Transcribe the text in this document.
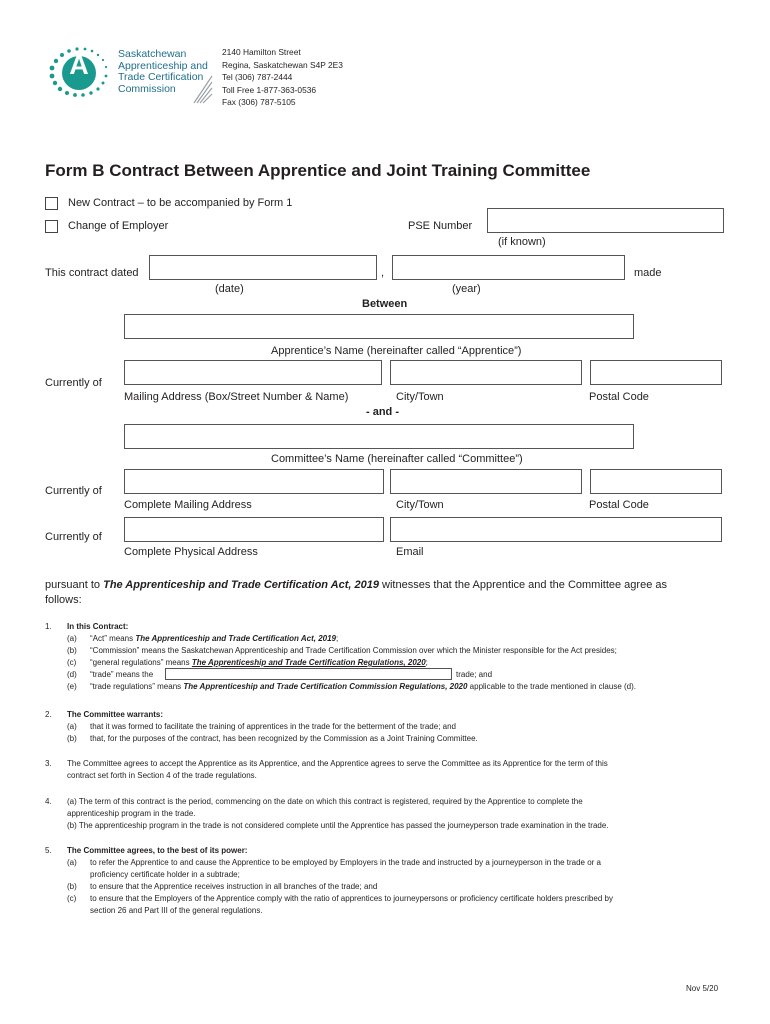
A	Saskatchewan
Apprenticeship and
Trade Certification
Commission
2140 Hamilton Street
Regina, Saskatchewan S4P 2E3
Tel (306) 787-2444
Toll Free 1-877-363-0536
Fax (306) 787-5105
Form B Contract Between Apprentice and Joint Training Committee
New Contract – to be accompanied by Form 1
Change of Employer	PSE Number
(if known)
This contract dated	,	made
(date)	(year)
Between
Apprentice’s Name (hereinafter called “Apprentice”)
Currently of
Mailing Address (Box/Street Number & Name)	City/Town	Postal Code
- and -
Committee’s Name (hereinafter called “Committee”)
Currently of
Complete Mailing Address	City/Town	Postal Code
Currently of
Complete Physical Address	Email
pursuant to The Apprenticeship and Trade Certification Act, 2019 witnesses that the Apprentice and the Committee agree as
follows:
1. In this Contract:
(a) “Act” means The Apprenticeship and Trade Certification Act, 2019;
(b) “Commission” means the Saskatchewan Apprenticeship and Trade Certification Commission over which the Minister responsible for the Act presides;
(c) “general regulations” means The Apprenticeship and Trade Certification Regulations, 2020;
(d) “trade” means the	trade; and
(e) “trade regulations” means The Apprenticeship and Trade Certification Commission Regulations, 2020 applicable to the trade mentioned in clause (d).
2. The Committee warrants:
(a) that it was formed to facilitate the training of apprentices in the trade for the betterment of the trade; and
(b) that, for the purposes of the contract, has been recognized by the Commission as a Joint Training Committee.
3. The Committee agrees to accept the Apprentice as its Apprentice, and the Apprentice agrees to serve the Committee as its Apprentice for the term of this
contract set forth in Section 4 of the trade regulations.
4. (a) The term of this contract is the period, commencing on the date on which this contract is registered, required by the Apprentice to complete the
apprenticeship program in the trade.
(b) The apprenticeship program in the trade is not considered complete until the Apprentice has passed the journeyperson trade examination in the trade.
5. The Committee agrees, to the best of its power:
(a) to refer the Apprentice to and cause the Apprentice to be employed by Employers in the trade and instructed by a journeyperson in the trade or a
proficiency certificate holder in a subtrade;
(b) to ensure that the Apprentice receives instruction in all branches of the trade; and
(c) to ensure that the Employers of the Apprentice comply with the ratio of apprentices to journeypersons or proficiency certificate holders prescribed by
section 26 and Part III of the general regulations.
Nov 5/20
